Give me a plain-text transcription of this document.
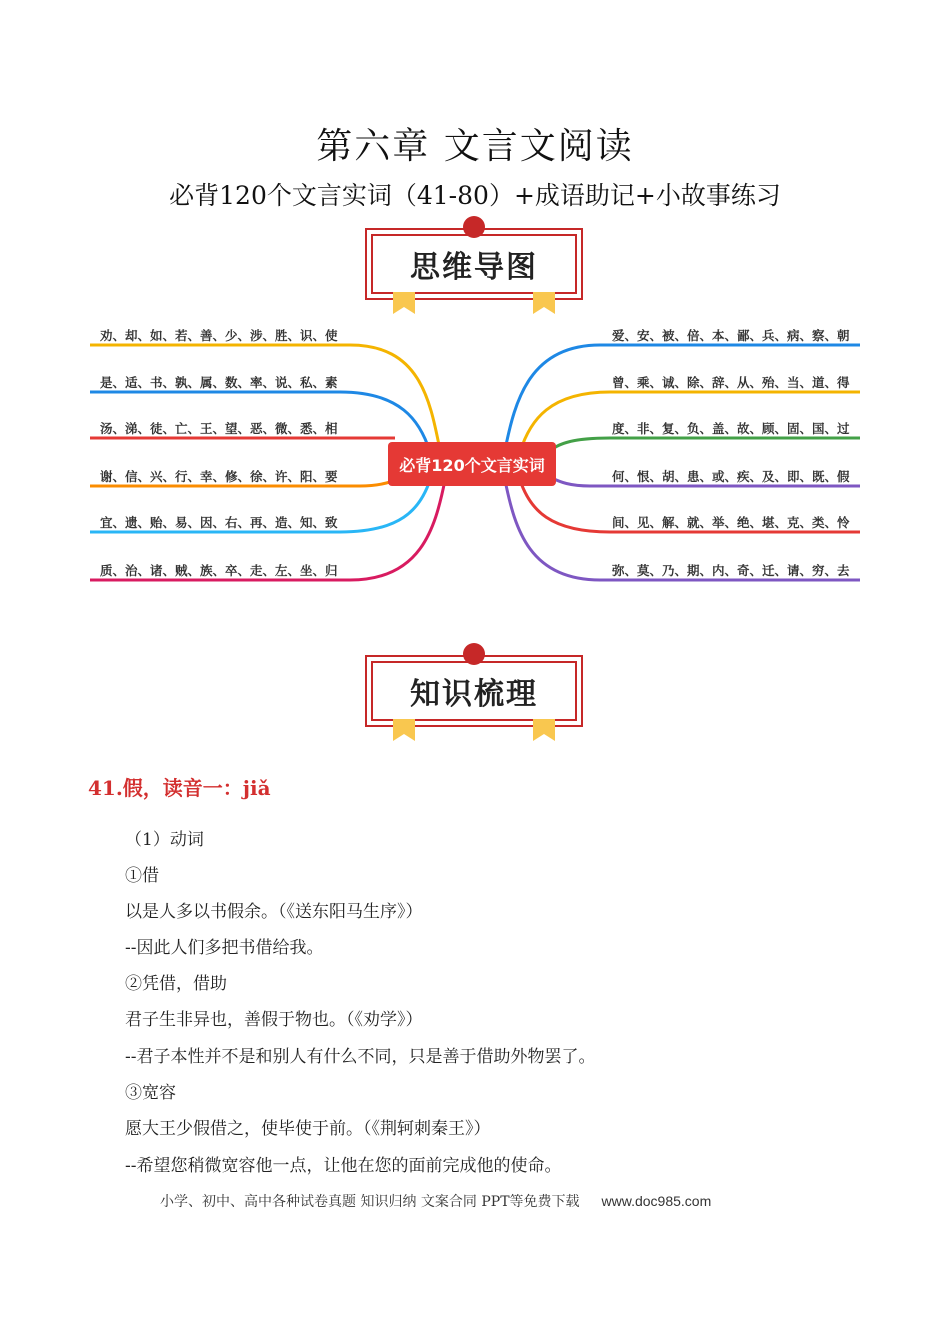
第六章 文言文阅读
必背120个文言实词（41-80）+成语助记+小故事练习
思维导图
必背120个文言实词
劝、却、如、若、善、少、涉、胜、识、使
是、适、书、孰、属、数、率、说、私、素
汤、涕、徒、亡、王、望、恶、微、悉、相
谢、信、兴、行、幸、修、徐、许、阳、要
宜、遗、贻、易、因、右、再、造、知、致
质、治、诸、贼、族、卒、走、左、坐、归
爱、安、被、倍、本、鄙、兵、病、察、朝
曾、乘、诚、除、辞、从、殆、当、道、得
度、非、复、负、盖、故、顾、固、国、过
何、恨、胡、患、或、疾、及、即、既、假
间、见、解、就、举、绝、堪、克、类、怜
弥、莫、乃、期、内、奇、迁、请、穷、去
知识梳理
41.假，读音一：jiǎ
（1）动词
①借
以是人多以书假余。（《送东阳马生序》）
--因此人们多把书借给我。
②凭借，借助
君子生非异也，善假于物也。（《劝学》）
--君子本性并不是和别人有什么不同，只是善于借助外物罢了。
③宽容
愿大王少假借之，使毕使于前。（《荆轲刺秦王》）
--希望您稍微宽容他一点，让他在您的面前完成他的使命。
小学、初中、高中各种试卷真题 知识归纳 文案合同 PPT等免费下载 www.doc985.com
